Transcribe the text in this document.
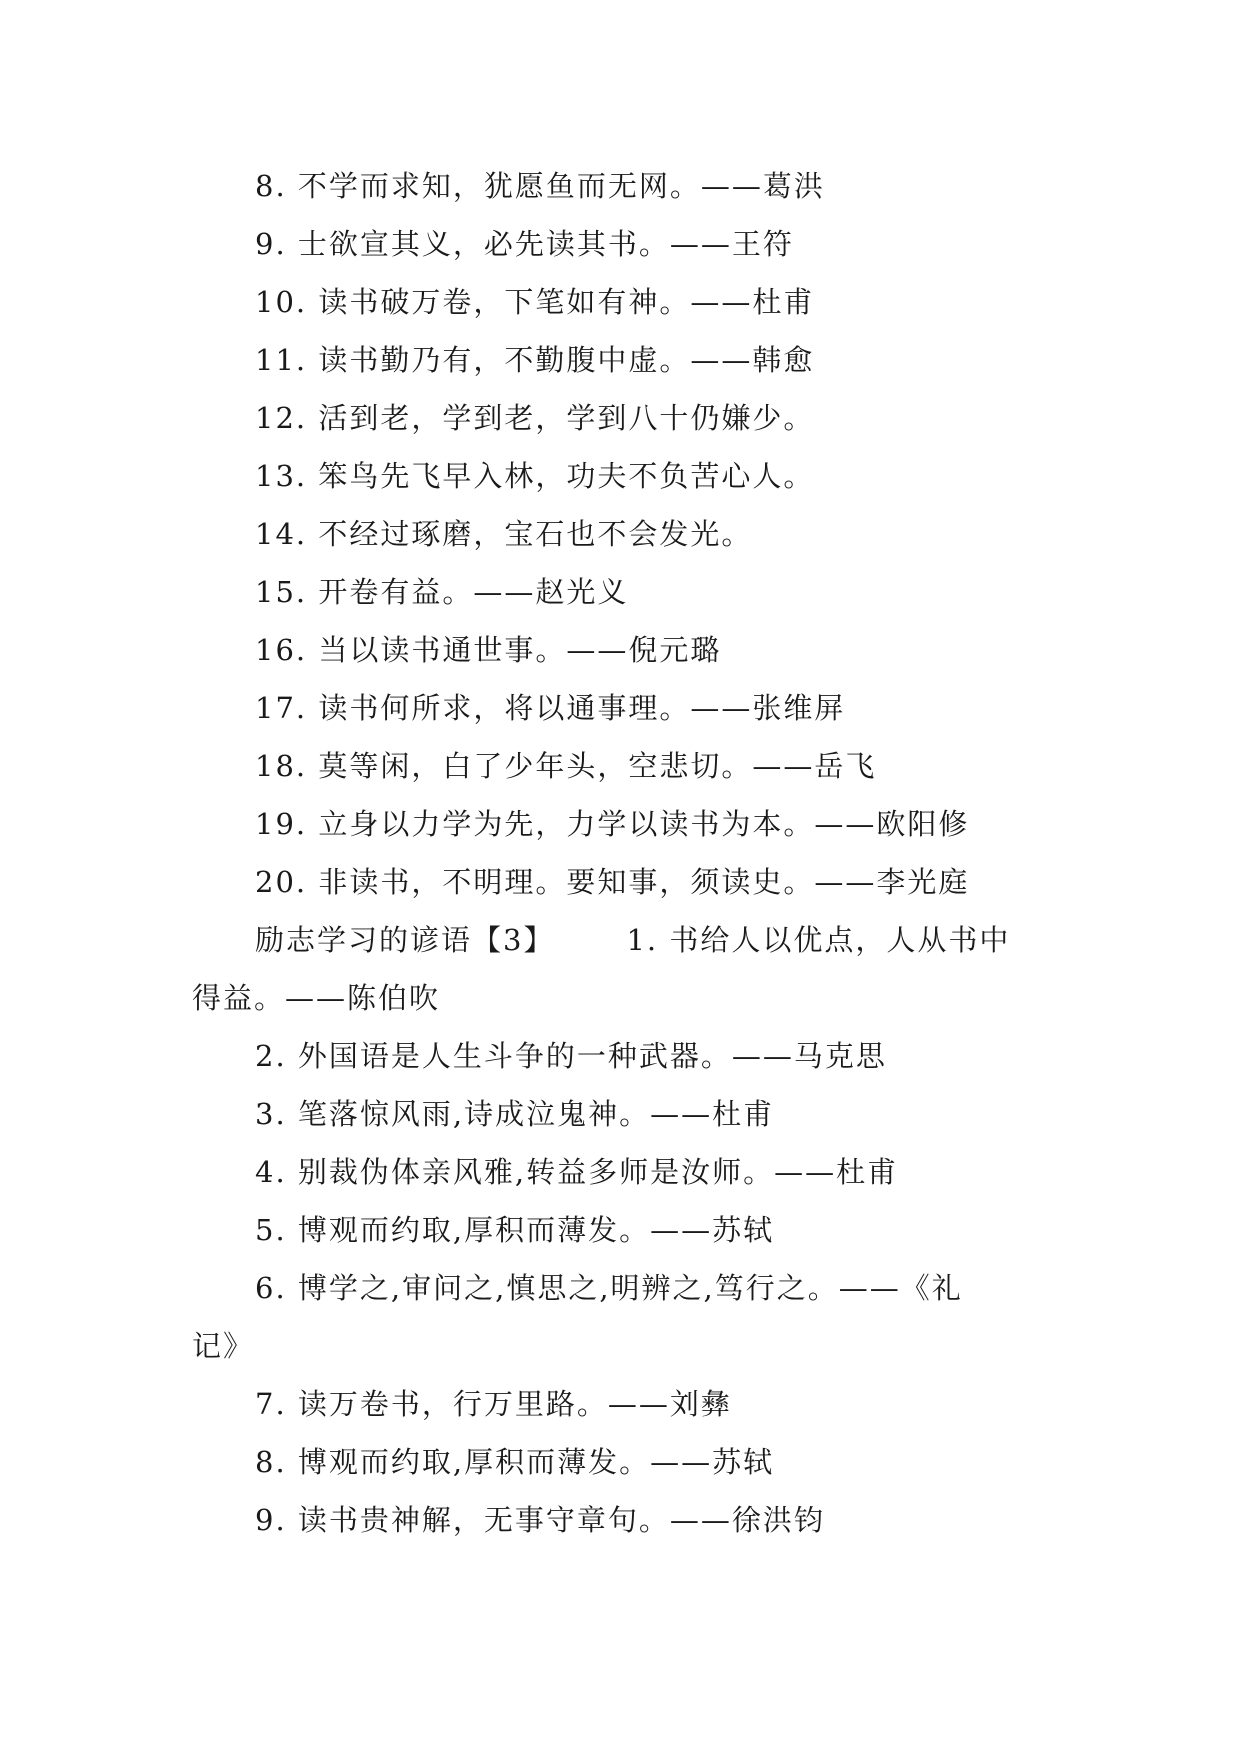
8. 不学而求知，犹愿鱼而无网。——葛洪
9. 士欲宣其义，必先读其书。——王符
10. 读书破万卷，下笔如有神。——杜甫
11. 读书勤乃有，不勤腹中虚。——韩愈
12. 活到老，学到老，学到八十仍嫌少。
13. 笨鸟先飞早入林，功夫不负苦心人。
14. 不经过琢磨，宝石也不会发光。
15. 开卷有益。——赵光义
16. 当以读书通世事。——倪元璐
17. 读书何所求，将以通事理。——张维屏
18. 莫等闲，白了少年头，空悲切。——岳飞
19. 立身以力学为先，力学以读书为本。——欧阳修
20. 非读书，不明理。要知事，须读史。——李光庭
励志学习的谚语【3】 1. 书给人以优点，人从书中
得益。——陈伯吹
2. 外国语是人生斗争的一种武器。——马克思
3. 笔落惊风雨,诗成泣鬼神。——杜甫
4. 别裁伪体亲风雅,转益多师是汝师。——杜甫
5. 博观而约取,厚积而薄发。——苏轼
6. 博学之,审问之,慎思之,明辨之,笃行之。——《礼
记》
7. 读万卷书，行万里路。——刘彝
8. 博观而约取,厚积而薄发。——苏轼
9. 读书贵神解，无事守章句。——徐洪钧
